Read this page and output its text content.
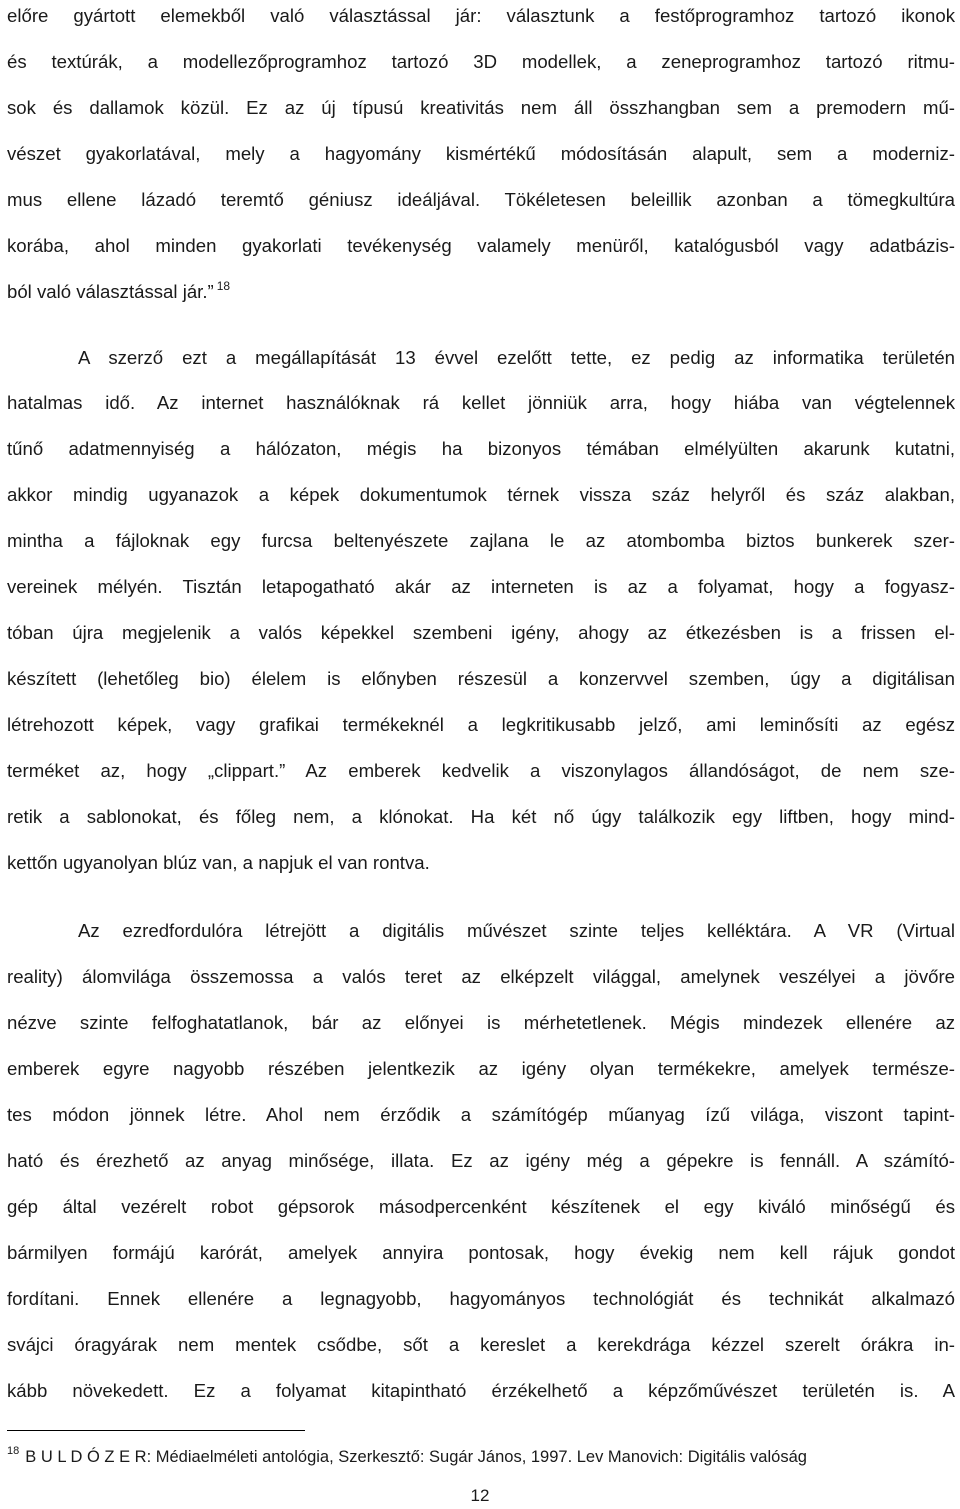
előre gyártott elemekből való választással jár: választunk a festőprogramhoz tartozó ikonok
és textúrák, a modellezőprogramhoz tartozó 3D modellek, a zeneprogramhoz tartozó ritmu-
sok és dallamok közül. Ez az új típusú kreativitás nem áll összhangban sem a premodern mű-
vészet gyakorlatával, mely a hagyomány kismértékű módosításán alapult, sem a moderniz-
mus ellene lázadó teremtő géniusz ideáljával. Tökéletesen beleillik azonban a tömegkultúra
korába, ahol minden gyakorlati tevékenység valamely menüről, katalógusból vagy adatbázis-
ból való választással jár.” $^{18}$
A szerző ezt a megállapítását 13 évvel ezelőtt tette, ez pedig az informatika területén
hatalmas idő. Az internet használóknak rá kellet jönniük arra, hogy hiába van végtelennek
tűnő adatmennyiség a hálózaton, mégis ha bizonyos témában elmélyülten akarunk kutatni,
akkor mindig ugyanazok a képek dokumentumok térnek vissza száz helyről és száz alakban,
mintha a fájloknak egy furcsa beltenyészete zajlana le az atombomba biztos bunkerek szer-
vereinek mélyén. Tisztán letapogatható akár az interneten is az a folyamat, hogy a fogyasz-
tóban újra megjelenik a valós képekkel szembeni igény, ahogy az étkezésben is a frissen el-
készített (lehetőleg bio) élelem is előnyben részesül a konzervvel szemben, úgy a digitálisan
létrehozott képek, vagy grafikai termékeknél a legkritikusabb jelző, ami leminősíti az egész
terméket az, hogy „clippart.” Az emberek kedvelik a viszonylagos állandóságot, de nem sze-
retik a sablonokat, és főleg nem, a klónokat. Ha két nő úgy találkozik egy liftben, hogy mind-
kettőn ugyanolyan blúz van, a napjuk el van rontva.
Az ezredfordulóra létrejött a digitális művészet szinte teljes kelléktára. A VR (Virtual
reality) álomvilága összemossa a valós teret az elképzelt világgal, amelynek veszélyei a jövőre
nézve szinte felfoghatatlanok, bár az előnyei is mérhetetlenek. Mégis mindezek ellenére az
emberek egyre nagyobb részében jelentkezik az igény olyan termékekre, amelyek természe-
tes módon jönnek létre. Ahol nem érződik a számítógép műanyag ízű világa, viszont tapint-
ható és érezhető az anyag minősége, illata. Ez az igény még a gépekre is fennáll. A számító-
gép által vezérelt robot gépsorok másodpercenként készítenek el egy kiváló minőségű és
bármilyen formájú karórát, amelyek annyira pontosak, hogy évekig nem kell rájuk gondot
fordítani. Ennek ellenére a legnagyobb, hagyományos technológiát és technikát alkalmazó
svájci óragyárak nem mentek csődbe, sőt a kereslet a kerekdrága kézzel szerelt órákra in-
kább növekedett. Ez a folyamat kitapintható érzékelhető a képzőművészet területén is. A
$^{18}$ B U L D Ó Z E R: Médiaelméleti antológia, Szerkesztő: Sugár János, 1997. Lev Manovich: Digitális valóság
12
